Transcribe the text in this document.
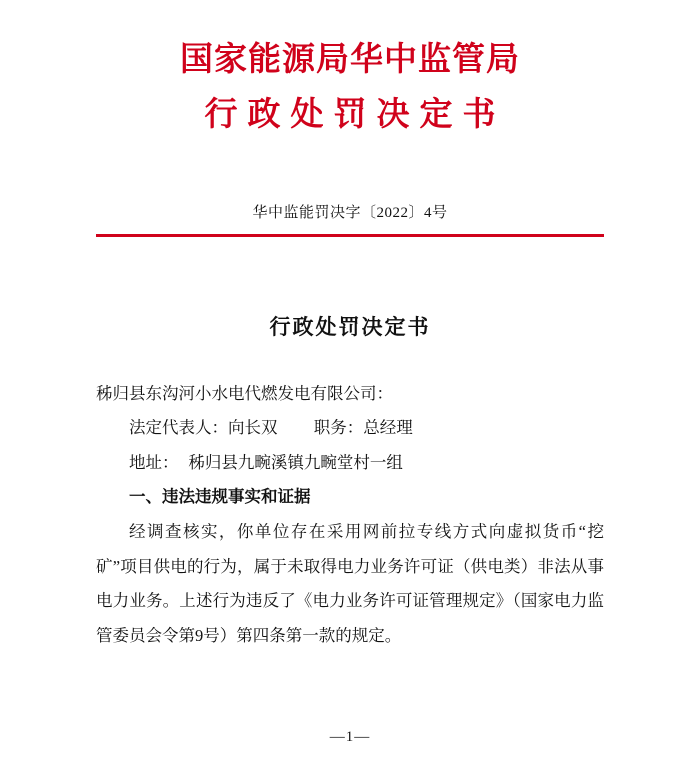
国家能源局华中监管局
行政处罚决定书
华中监能罚决字〔2022〕4号
行政处罚决定书

秭归县东沟河小水电代燃发电有限公司：

法定代表人：向长双 职务：总经理

地址： 秭归县九畹溪镇九畹堂村一组

一、违法违规事实和证据

经调查核实，你单位存在采用网前拉专线方式向虚拟货币“挖矿”项目供电的行为，属于未取得电力业务许可证（供电类）非法从事电力业务。上述行为违反了《电力业务许可证管理规定》（国家电力监管委员会令第9号）第四条第一款的规定。

—1—
